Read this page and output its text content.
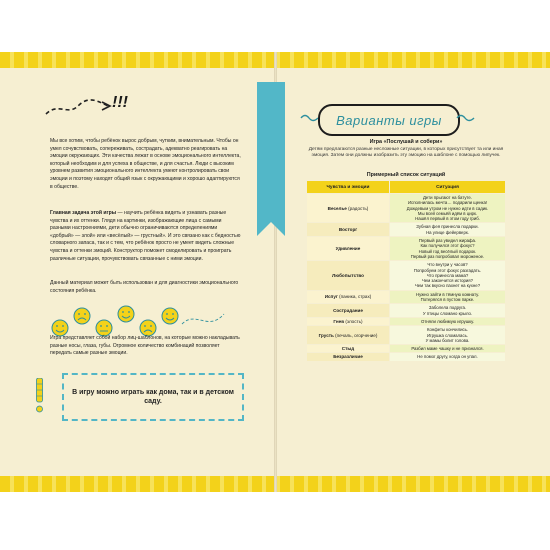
!!!
Мы все хотим, чтобы ребёнок вырос добрым, чутким, внимательным. Чтобы он умел сочувствовать, сопереживать, сострадать, адекватно реагировать на эмоции окружающих. Эти качества лежат в основе эмоционального интеллекта, который необходим и для успеха в обществе, и для счастья. Люди с высоким уровнем развития эмоционального интеллекта умеют контролировать свои эмоции и поэтому находят общий язык с окружающими и хорошо адаптируются в обществе.
Главная задача этой игры — научить ребёнка видеть и узнавать разные чувства и их оттенки. Глядя на картинки, изображающие лица с самыми разными настроениями, дети обычно ограничиваются определениями «добрый» — злой» или «весёлый» — грустный». И это связано как с бедностью словарного запаса, так и с тем, что ребёнок просто не умеет видеть сложные чувства и оттенки эмоций. Конструктор поможет смоделировать и проиграть различные ситуации, прочувствовать связанные с ними эмоции.
Данный материал может быть использован и для диагностики эмоционального состояния ребёнка.
Игра представляет собой набор лиц-шаблонов, на которые можно накладывать разные носы, глаза, губы. Огромное количество комбинаций позволяет передать самые разные эмоции.
В игру можно играть как дома, так и в детском саду.
Варианты игры
Игра «Послушай и собери»
Детям предлагаются разные несложные ситуации, в которых присутствует та или иная эмоция. Затем они должны изобразить эту эмоцию на шаблоне с помощью липучек.
Примерный список ситуаций
Чувства и эмоции	Ситуация
Веселье (радость)	Дети прыгают на батуте.
Исполнилась мечта… подарили щенка!
Дождевым утром не нужно идти в садик.
Мы всей семьёй идём в цирк.
Нашёл первый в этом году гриб.

Восторг	Зубная фея принесла подарки.
На улице фейерверк.

Удивление	Первый раз увидел жирафа.
Как получился этот фокус?
Новый год весёлый подарок.
Первый раз попробовал мороженое.

Любопытство	Что внутри у часов?
Попробуем этот фокус разгадать.
Что принесла мама?
Чем закончится история?
Чем так вкусно пахнет на кухне?

Испуг (паника, страх)	Нужно зайти в тёмную комнату.
Потерялся в пустом парке.

Сострадание	Заболела подруга.
У птицы сломано крыло.

Гнев (злость)	Отняли любимую игрушку.

Грусть (печаль, огорчение)	Конфеты кончились.
Игрушка сломалась.
У мамы болит голова.

Стыд	Разбил маме чашку и не признался.

Безразличие	Не помог другу, когда он упал.
